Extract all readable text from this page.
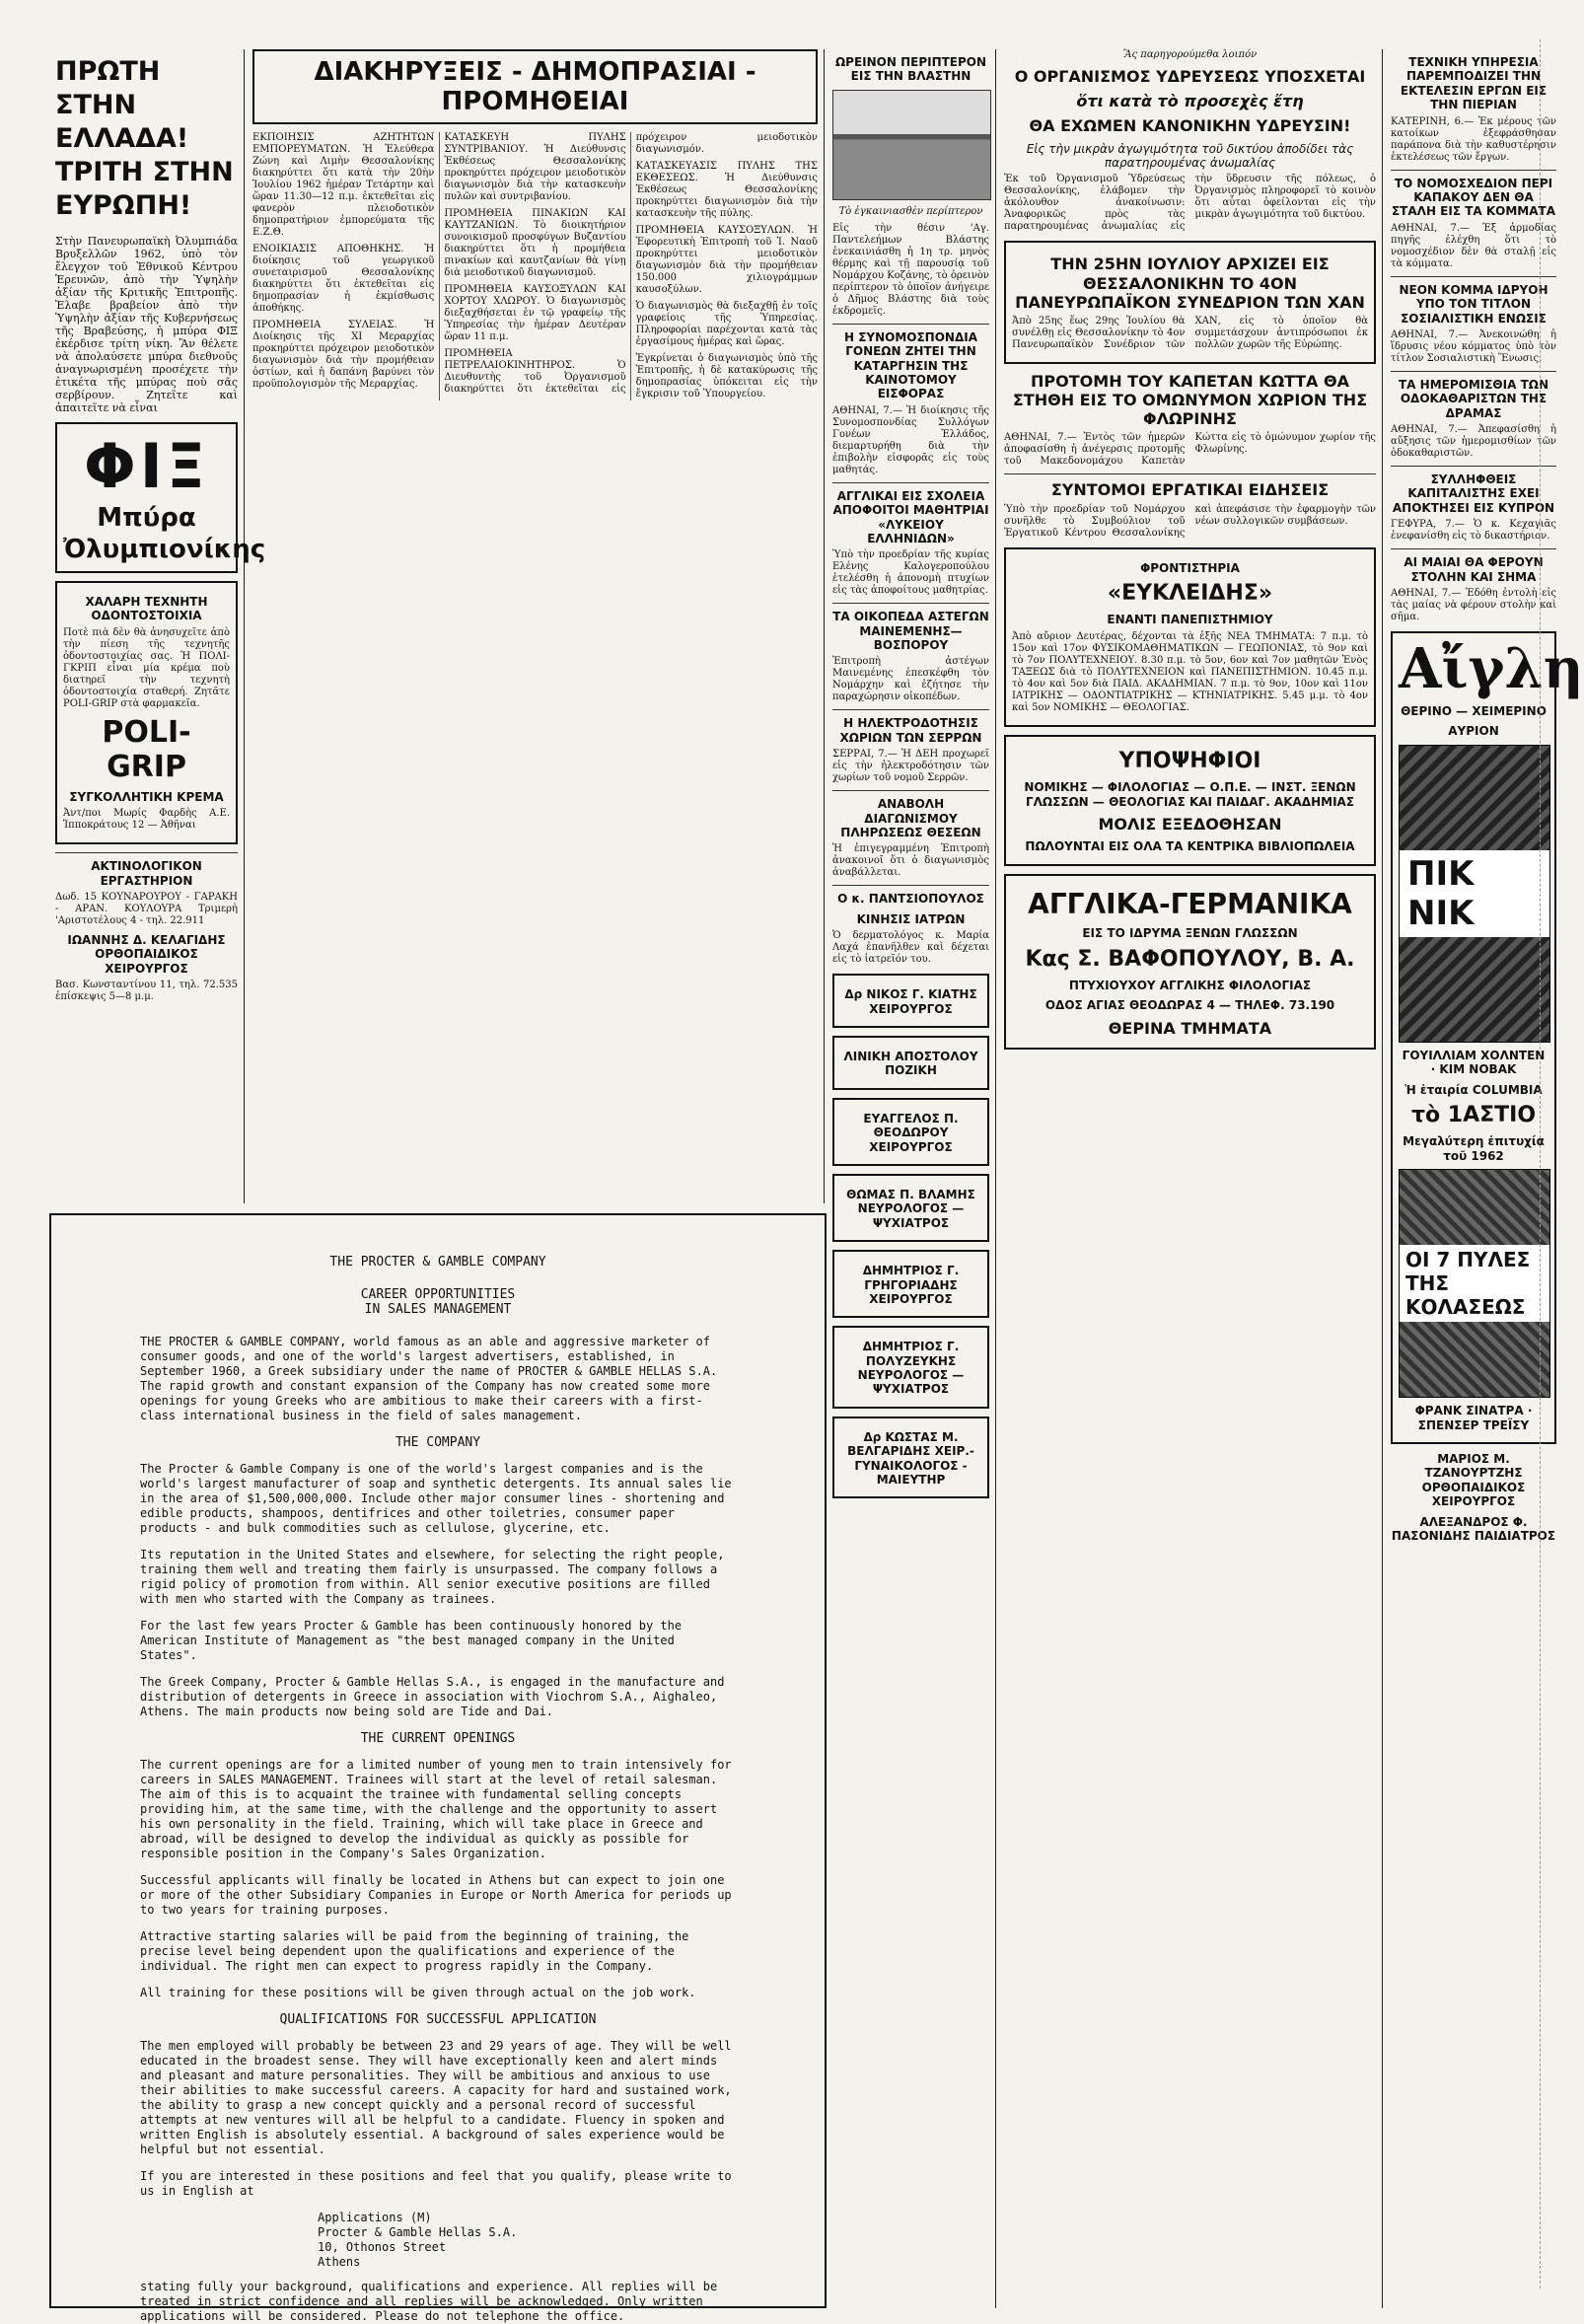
ΠΡΩΤΗ ΣΤΗΝ ΕΛΛΑΔΑ! ΤΡΙΤΗ ΣΤΗΝ ΕΥΡΩΠΗ!

Στὴν Πανευρωπαϊκὴ Ὀλυμπιάδα Βρυξελλῶν 1962, ὑπὸ τὸν ἔλεγχον τοῦ Ἐθνικοῦ Κέντρου Ἐρευνῶν, ἀπὸ τὴν Ὑψηλὴν ἀξίαν τῆς Κριτικῆς Ἐπιτροπῆς. Ἐλαβε βραβείον ἀπὸ τὴν Ὑψηλὴν ἀξίαν τῆς Κυβερνήσεως τῆς Βραβεύσης, ἡ μπύρα ΦΙΞ ἐκέρδισε τρίτη νίκη. Ἂν θέλετε νὰ ἀπολαύσετε μπύρα διεθνοῦς ἀναγνωρισμένη προσέχετε τὴν ἐτικέτα τῆς μπύρας ποὺ σᾶς σερβίρουν. Ζητεῖτε καὶ ἀπαιτεῖτε νὰ εἶναι

ΦΙΞ
Μπύρα Ὀλυμπιονίκης
ΧΑΛΑΡΗ ΤΕΧΝΗΤΗ ΟΔΟΝΤΟΣΤΟΙΧΙΑ

Ποτὲ πιὰ δὲν θὰ ἀνησυχεῖτε ἀπὸ τὴν πίεση τῆς τεχνητῆς ὀδοντοστοιχίας σας. Ἡ ΠΟΛΙ-ΓΚΡΙΠ εἶναι μία κρέμα ποὺ διατηρεῖ τὴν τεχνητὴ ὀδοντοστοιχία σταθερή. Ζητᾶτε POLI-GRIP στὰ φαρμακεῖα.

POLI-GRIP
ΣΥΓΚΟΛΛΗΤΙΚΗ ΚΡΕΜΑ

Ἀντ/ποι Μωρίς Φαρδὴς Α.Ε. Ἱπποκράτους 12 — Ἀθῆναι

ΑΚΤΙΝΟΛΟΓΙΚΟΝ ΕΡΓΑΣΤΗΡΙΟΝ

Δωδ. 15 ΚΟΥΝΑΡΟΥΡΟΥ - ΓΑΡΑΚΗ - ΑΡΑΝ. ΚΟΥΛΟΥΡΑ Τριμερὴ 'Αριστοτέλους 4 - τηλ. 22.911

ΙΩΑΝΝΗΣ Δ. ΚΕΛΑΓΙΔΗΣ ΟΡΘΟΠΑΙΔΙΚΟΣ ΧΕΙΡΟΥΡΓΟΣ

Βασ. Κωνσταντίνου 11, τηλ. 72.535 ἐπίσκεψις 5—8 μ.μ.

ΔΙΑΚΗΡΥΞΕΙΣ - ΔΗΜΟΠΡΑΣΙΑΙ - ΠΡΟΜΗΘΕΙΑΙ

ΕΚΠΟΙΗΣΙΣ ΑΖΗΤΗΤΩΝ ΕΜΠΟΡΕΥΜΑΤΩΝ. Ἡ Ἐλεύθερα Ζώνη καὶ Λιμὴν Θεσσαλονίκης διακηρύττει ὅτι κατὰ τὴν 20ὴν Ἰουλίου 1962 ἡμέραν Τετάρτην καὶ ὥραν 11.30—12 π.μ. ἐκτεθεῖται εἰς φανερὸν πλειοδοτικὸν δημοπρατήριον ἐμπορεύματα τῆς Ε.Ζ.Θ.

ΕΝΟΙΚΙΑΣΙΣ ΑΠΟΘΗΚΗΣ. Ἡ διοίκησις τοῦ γεωργικοῦ συνεταιρισμοῦ Θεσσαλονίκης διακηρύττει ὅτι ἐκτεθεῖται εἰς δημοπρασίαν ἡ ἐκμίσθωσις ἀποθήκης.

ΠΡΟΜΗΘΕΙΑ ΣΥΛΕΙΑΣ. Ἡ Διοίκησις τῆς ΧΙ Μεραρχίας προκηρύττει πρόχειρον μειοδοτικὸν διαγωνισμὸν διὰ τὴν προμήθειαν ὀστίων, καὶ ἡ δαπάνη βαρύνει τὸν προϋπολογισμὸν τῆς Μεραρχίας.

ΚΑΤΑΣΚΕΥΗ ΠΥΛΗΣ ΣΥΝΤΡΙΒΑΝΙΟΥ. Ἡ Διεύθυνσις Ἐκθέσεως Θεσσαλονίκης προκηρύττει πρόχειρον μειοδοτικὸν διαγωνισμὸν διὰ τὴν κατασκευὴν πυλῶν καὶ συντριβανίου.

ΠΡΟΜΗΘΕΙΑ ΠΙΝΑΚΙΩΝ ΚΑΙ ΚΑΥΤΖΑΝΙΩΝ. Τὸ διοικητήριον συνοικισμοῦ προσφύγων Βυζαντίου διακηρύττει ὅτι ἡ προμήθεια πινακίων καὶ καυτζανίων θὰ γίνῃ διὰ μειοδοτικοῦ διαγωνισμοῦ.

ΠΡΟΜΗΘΕΙΑ ΚΑΥΣΟΞΥΛΩΝ ΚΑΙ ΧΟΡΤΟΥ ΧΛΩΡΟΥ. Ὁ διαγωνισμὸς διεξαχθήσεται ἐν τῷ γραφείῳ τῆς Ὑπηρεσίας τὴν ἡμέραν Δευτέραν ὥραν 11 π.μ.

ΠΡΟΜΗΘΕΙΑ ΠΕΤΡΕΛΑΙΟΚΙΝΗΤΗΡΟΣ. Ὁ Διευθυντὴς τοῦ Ὀργανισμοῦ διακηρύττει ὅτι ἐκτεθεῖται εἰς πρόχειρον μειοδοτικὸν διαγωνισμόν.

ΚΑΤΑΣΚΕΥΑΣΙΣ ΠΥΛΗΣ ΤΗΣ ΕΚΘΕΣΕΩΣ. Ἡ Διεύθυνσις Ἐκθέσεως Θεσσαλονίκης προκηρύττει διαγωνισμὸν διὰ τὴν κατασκευὴν τῆς πύλης.

ΠΡΟΜΗΘΕΙΑ ΚΑΥΣΟΞΥΛΩΝ. Ἡ Ἐφορευτικὴ Ἐπιτροπὴ τοῦ Ἱ. Ναοῦ προκηρύττει μειοδοτικὸν διαγωνισμὸν διὰ τὴν προμήθειαν 150.000 χιλιογράμμων καυσοξύλων.

Ὁ διαγωνισμὸς θὰ διεξαχθῇ ἐν τοῖς γραφείοις τῆς Ὑπηρεσίας. Πληροφορίαι παρέχονται κατὰ τὰς ἐργασίμους ἡμέρας καὶ ὥρας.

Ἐγκρίνεται ὁ διαγωνισμὸς ὑπὸ τῆς Ἐπιτροπῆς, ἡ δὲ κατακύρωσις τῆς δημοπρασίας ὑπόκειται εἰς τὴν ἔγκρισιν τοῦ Ὑπουργείου.

THE PROCTER & GAMBLE COMPANY
CAREER OPPORTUNITIES
IN SALES MANAGEMENT

THE PROCTER & GAMBLE COMPANY, world famous as an able and aggressive marketer of consumer goods, and one of the world's largest advertisers, established, in September 1960, a Greek subsidiary under the name of PROCTER & GAMBLE HELLAS S.A. The rapid growth and constant expansion of the Company has now created some more openings for young Greeks who are ambitious to make their careers with a first-class international business in the field of sales management.

THE COMPANY

The Procter & Gamble Company is one of the world's largest companies and is the world's largest manufacturer of soap and synthetic detergents. Its annual sales lie in the area of $1,500,000,000. Include other major consumer lines - shortening and edible products, shampoos, dentifrices and other toiletries, consumer paper products - and bulk commodities such as cellulose, glycerine, etc.

Its reputation in the United States and elsewhere, for selecting the right people, training them well and treating them fairly is unsurpassed. The company follows a rigid policy of promotion from within. All senior executive positions are filled with men who started with the Company as trainees.

For the last few years Procter & Gamble has been continuously honored by the American Institute of Management as "the best managed company in the United States".

The Greek Company, Procter & Gamble Hellas S.A., is engaged in the manufacture and distribution of detergents in Greece in association with Viochrom S.A., Aighaleo, Athens. The main products now being sold are Tide and Dai.

THE CURRENT OPENINGS

The current openings are for a limited number of young men to train intensively for careers in SALES MANAGEMENT. Trainees will start at the level of retail salesman. The aim of this is to acquaint the trainee with fundamental selling concepts providing him, at the same time, with the challenge and the opportunity to assert his own personality in the field. Training, which will take place in Greece and abroad, will be designed to develop the individual as quickly as possible for responsible position in the Company's Sales Organization.

Successful applicants will finally be located in Athens but can expect to join one or more of the other Subsidiary Companies in Europe or North America for periods up to two years for training purposes.

Attractive starting salaries will be paid from the beginning of training, the precise level being dependent upon the qualifications and experience of the individual. The right men can expect to progress rapidly in the Company.

All training for these positions will be given through actual on the job work.

QUALIFICATIONS FOR SUCCESSFUL APPLICATION

The men employed will probably be between 23 and 29 years of age. They will be well educated in the broadest sense. They will have exceptionally keen and alert minds and pleasant and mature personalities. They will be ambitious and anxious to use their abilities to make successful careers. A capacity for hard and sustained work, the ability to grasp a new concept quickly and a personal record of successful attempts at new ventures will all be helpful to a candidate. Fluency in spoken and written English is absolutely essential. A background of sales experience would be helpful but not essential.

If you are interested in these positions and feel that you qualify, please write to us in English at

Applications (M)
Procter & Gamble Hellas S.A.
10, Othonos Street
Athens

stating fully your background, qualifications and experience. All replies will be treated in strict confidence and all replies will be acknowledged. Only written applications will be considered. Please do not telephone the office.

ΩΡΕΙΝΟΝ ΠΕΡΙΠΤΕΡΟΝ ΕΙΣ ΤΗΝ ΒΛΑΣΤΗΝ
Τὸ ἐγκαινιασθὲν περίπτερον

Εἰς τὴν θέσιν 'Αγ. Παντελεήμων Βλάστης ἐνεκαινιάσθη ἡ 1η τρ. μηνὸς θέρμης καὶ τῇ παρουσίᾳ τοῦ Νομάρχου Κοζάνης, τὸ ὀρεινὸν περίπτερον τὸ ὁποῖον ἀνήγειρε ὁ Δῆμος Βλάστης διὰ τοὺς ἐκδρομεῖς.

Η ΣΥΝΟΜΟΣΠΟΝΔΙΑ ΓΟΝΕΩΝ ΖΗΤΕΙ ΤΗΝ ΚΑΤΑΡΓΗΣΙΝ ΤΗΣ ΚΑΙΝΟΤΟΜΟΥ ΕΙΣΦΟΡΑΣ

ΑΘΗΝΑΙ, 7.— Ἡ διοίκησις τῆς Συνομοσπονδίας Συλλόγων Γονέων Ἑλλάδος, διεμαρτυρήθη διὰ τὴν ἐπιβολὴν εἰσφορᾶς εἰς τοὺς μαθητάς.

ΑΓΓΛΙΚΑΙ ΕΙΣ ΣΧΟΛΕΙΑ ΑΠΟΦΟΙΤΟΙ ΜΑΘΗΤΡΙΑΙ «ΛΥΚΕΙΟΥ ΕΛΛΗΝΙΔΩΝ»

Ὑπὸ τὴν προεδρίαν τῆς κυρίας Ελένης Καλογεροπούλου ἐτελέσθη ἡ ἀπονομὴ πτυχίων εἰς τὰς ἀποφοίτους μαθητρίας.

ΤΑ ΟΙΚΟΠΕΔΑ ΑΣΤΕΓΩΝ ΜΑΙΝΕΜΕΝΗΣ—ΒΟΣΠΟΡΟΥ

Ἐπιτροπὴ ἀστέγων Μαινεμένης ἐπεσκέφθη τὸν Νομάρχην καὶ ἐζήτησε τὴν παραχώρησιν οἰκοπέδων.

Η ΗΛΕΚΤΡΟΔΟΤΗΣΙΣ ΧΩΡΙΩΝ ΤΩΝ ΣΕΡΡΩΝ

ΣΕΡΡΑΙ, 7.— Ἡ ΔΕΗ προχωρεῖ εἰς τὴν ἠλεκτροδότησιν τῶν χωρίων τοῦ νομοῦ Σερρῶν.

ΑΝΑΒΟΛΗ ΔΙΑΓΩΝΙΣΜΟΥ ΠΛΗΡΩΣΕΩΣ ΘΕΣΕΩΝ

Ἡ ἐπιγεγραμμένη Ἐπιτροπὴ ἀνακοινοῖ ὅτι ὁ διαγωνισμὸς ἀναβάλλεται.

Ο κ. ΠΑΝΤΣΙΟΠΟΥΛΟΣ
ΚΙΝΗΣΙΣ ΙΑΤΡΩΝ

Ὁ δερματολόγος κ. Μαρία Λαχά ἐπανῆλθεν καὶ δέχεται εἰς τὸ ἰατρεῖόν του.

Δρ ΝΙΚΟΣ Γ. ΚΙΑΤΗΣ ΧΕΙΡΟΥΡΓΟΣ
ΛΙΝΙΚΗ ΑΠΟΣΤΟΛΟΥ ΠΟΖΙΚΗ
ΕΥΑΓΓΕΛΟΣ Π. ΘΕΟΔΩΡΟΥ ΧΕΙΡΟΥΡΓΟΣ
ΘΩΜΑΣ Π. ΒΛΑΜΗΣ ΝΕΥΡΟΛΟΓΟΣ — ΨΥΧΙΑΤΡΟΣ
ΔΗΜΗΤΡΙΟΣ Γ. ΓΡΗΓΟΡΙΑΔΗΣ ΧΕΙΡΟΥΡΓΟΣ
ΔΗΜΗΤΡΙΟΣ Γ. ΠΟΛΥΖΕΥΚΗΣ ΝΕΥΡΟΛΟΓΟΣ — ΨΥΧΙΑΤΡΟΣ
Δρ ΚΩΣΤΑΣ Μ. ΒΕΛΓΑΡΙΔΗΣ ΧΕΙΡ.-ΓΥΝΑΙΚΟΛΟΓΟΣ - ΜΑΙΕΥΤΗΡ
Ἃς παρηγορούμεθα λοιπόν
Ο ΟΡΓΑΝΙΣΜΟΣ ΥΔΡΕΥΣΕΩΣ ΥΠΟΣΧΕΤΑΙ
ὅτι κατὰ τὸ προσεχὲς ἔτη
ΘΑ ΕΧΩΜΕΝ ΚΑΝΟΝΙΚΗΝ ΥΔΡΕΥΣΙΝ!
Εἰς τὴν μικρὰν ἀγωγιμότητα τοῦ δικτύου ἀποδίδει τὰς παρατηρουμένας ἀνωμαλίας

Ἐκ τοῦ Ὀργανισμοῦ Ὑδρεύσεως Θεσσαλονίκης, ἐλάβομεν τὴν ἀκόλουθον ἀνακοίνωσιν: Ἀναφορικῶς πρὸς τὰς παρατηρουμένας ἀνωμαλίας εἰς τὴν ὕδρευσιν τῆς πόλεως, ὁ Ὀργανισμὸς πληροφορεῖ τὸ κοινὸν ὅτι αὗται ὀφείλονται εἰς τὴν μικρὰν ἀγωγιμότητα τοῦ δικτύου.

ΤΗΝ 25ΗΝ ΙΟΥΛΙΟΥ ΑΡΧΙΖΕΙ ΕΙΣ ΘΕΣΣΑΛΟΝΙΚΗΝ ΤΟ 4ΟΝ ΠΑΝΕΥΡΩΠΑΪΚΟΝ ΣΥΝΕΔΡΙΟΝ ΤΩΝ ΧΑΝ

Ἀπὸ 25ης ἕως 29ης Ἰουλίου θὰ συνέλθῃ εἰς Θεσσαλονίκην τὸ 4ον Πανευρωπαϊκὸν Συνέδριον τῶν ΧΑΝ, εἰς τὸ ὁποῖον θὰ συμμετάσχουν ἀντιπρόσωποι ἐκ πολλῶν χωρῶν τῆς Εὐρώπης.

ΠΡΟΤΟΜΗ ΤΟΥ ΚΑΠΕΤΑΝ ΚΩΤΤΑ ΘΑ ΣΤΗΘΗ ΕΙΣ ΤΟ ΟΜΩΝΥΜΟΝ ΧΩΡΙΟΝ ΤΗΣ ΦΛΩΡΙΝΗΣ

ΑΘΗΝΑΙ, 7.— Ἐντὸς τῶν ἡμερῶν ἀποφασίσθη ἡ ἀνέγερσις προτομῆς τοῦ Μακεδονομάχου Καπετὰν Κώττα εἰς τὸ ὁμώνυμον χωρίον τῆς Φλωρίνης.

ΣΥΝΤΟΜΟΙ ΕΡΓΑΤΙΚΑΙ ΕΙΔΗΣΕΙΣ

Ὑπὸ τὴν προεδρίαν τοῦ Νομάρχου συνῆλθε τὸ Συμβούλιον τοῦ Ἐργατικοῦ Κέντρου Θεσσαλονίκης καὶ ἀπεφάσισε τὴν ἐφαρμογὴν τῶν νέων συλλογικῶν συμβάσεων.

ΦΡΟΝΤΙΣΤΗΡΙΑ
«ΕΥΚΛΕΙΔΗΣ»
ΕΝΑΝΤΙ ΠΑΝΕΠΙΣΤΗΜΙΟΥ

Ἀπὸ αὔριον Δευτέρας, δέχονται τὰ ἑξῆς ΝΕΑ ΤΜΗΜΑΤΑ: 7 π.μ. τὸ 15ον καὶ 17ον ΦΥΣΙΚΟΜΑΘΗΜΑΤΙΚΩΝ — ΓΕΩΠΟΝΙΑΣ, τὸ 9ον καὶ τὸ 7ον ΠΟΛΥΤΕΧΝΕΙΟΥ. 8.30 π.μ. τὸ 5ον, 6ον καὶ 7ον μαθητῶν Ἐνὸς ΤΑΞΕΩΣ διὰ τὸ ΠΟΛΥΤΕΧΝΕΙΟΝ καὶ ΠΑΝΕΠΙΣΤΗΜΙΟΝ. 10.45 π.μ. τὸ 4ον καὶ 5ον διὰ ΠΑΙΔ. ΑΚΑΔΗΜΙΑΝ. 7 π.μ. τὸ 9ον, 10ον καὶ 11ον ΙΑΤΡΙΚΗΣ — ΟΔΟΝΤΙΑΤΡΙΚΗΣ — ΚΤΗΝΙΑΤΡΙΚΗΣ. 5.45 μ.μ. τὸ 4ον καὶ 5ον ΝΟΜΙΚΗΣ — ΘΕΟΛΟΓΙΑΣ.

ΥΠΟΨΗΦΙΟΙ
ΝΟΜΙΚΗΣ — ΦΙΛΟΛΟΓΙΑΣ — Ο.Π.Ε. — ΙΝΣΤ. ΞΕΝΩΝ ΓΛΩΣΣΩΝ — ΘΕΟΛΟΓΙΑΣ ΚΑΙ ΠΑΙΔΑΓ. ΑΚΑΔΗΜΙΑΣ
ΜΟΛΙΣ ΕΞΕΔΟΘΗΣΑΝ
ΠΩΛΟΥΝΤΑΙ ΕΙΣ ΟΛΑ ΤΑ ΚΕΝΤΡΙΚΑ ΒΙΒΛΙΟΠΩΛΕΙΑ
ΑΓΓΛΙΚΑ-ΓΕΡΜΑΝΙΚΑ
ΕΙΣ ΤΟ ΙΔΡΥΜΑ ΞΕΝΩΝ ΓΛΩΣΣΩΝ
Κας Σ. ΒΑΦΟΠΟΥΛΟΥ, Β. Α.
ΠΤΥΧΙΟΥΧΟΥ ΑΓΓΛΙΚΗΣ ΦΙΛΟΛΟΓΙΑΣ
ΟΔΟΣ ΑΓΙΑΣ ΘΕΟΔΩΡΑΣ 4 — ΤΗΛΕΦ. 73.190
ΘΕΡΙΝΑ ΤΜΗΜΑΤΑ
ΤΕΧΝΙΚΗ ΥΠΗΡΕΣΙΑ ΠΑΡΕΜΠΟΔΙΖΕΙ ΤΗΝ ΕΚΤΕΛΕΣΙΝ ΕΡΓΩΝ ΕΙΣ ΤΗΝ ΠΙΕΡΙΑΝ

ΚΑΤΕΡΙΝΗ, 6.— Ἐκ μέρους τῶν κατοίκων ἐξεφράσθησαν παράπονα διὰ τὴν καθυστέρησιν ἐκτελέσεως τῶν ἔργων.

ΤΟ ΝΟΜΟΣΧΕΔΙΟΝ ΠΕΡΙ ΚΑΠΑΚΟΥ ΔΕΝ ΘΑ ΣΤΑΛΗ ΕΙΣ ΤΑ ΚΟΜΜΑΤΑ

ΑΘΗΝΑΙ, 7.— Ἐξ ἁρμοδίας πηγῆς ἐλέχθη ὅτι τὸ νομοσχέδιον δὲν θὰ σταλῇ εἰς τὰ κόμματα.

ΝΕΟΝ ΚΟΜΜΑ ΙΔΡΥΟΗ ΥΠΟ ΤΟΝ ΤΙΤΛΟΝ ΣΟΣΙΑΛΙΣΤΙΚΗ ΕΝΩΣΙΣ

ΑΘΗΝΑΙ, 7.— Ἀνεκοινώθη ἡ ἵδρυσις νέου κόμματος ὑπὸ τὸν τίτλον Σοσιαλιστικὴ Ἕνωσις.

ΤΑ ΗΜΕΡΟΜΙΣΘΙΑ ΤΩΝ ΟΔΟΚΑΘΑΡΙΣΤΩΝ ΤΗΣ ΔΡΑΜΑΣ

ΑΘΗΝΑΙ, 7.— Ἀπεφασίσθη ἡ αὔξησις τῶν ἡμερομισθίων τῶν ὁδοκαθαριστῶν.

ΣΥΛΛΗΦΘΕΙΣ ΚΑΠΙΤΑΛΙΣΤΗΣ ΕΧΕΙ ΑΠΟΚΤΗΣΕΙ ΕΙΣ ΚΥΠΡΟΝ

ΓΕΦΥΡΑ, 7.— Ὁ κ. Κεχαγιᾶς ἐνεφανίσθη εἰς τὸ δικαστήριον.

ΑΙ ΜΑΙΑΙ ΘΑ ΦΕΡΟΥΝ ΣΤΟΛΗΝ ΚΑΙ ΣΗΜΑ

ΑΘΗΝΑΙ, 7.— Ἐδόθη ἐντολὴ εἰς τὰς μαίας νὰ φέρουν στολὴν καὶ σῆμα.

Αἴγλη
ΘΕΡΙΝΟ — ΧΕΙΜΕΡΙΝΟ
ΑΥΡΙΟΝ
ΠΙΚ ΝΙΚ
ΓΟΥΙΛΛΙΑΜ ΧΟΛΝΤΕΝ · ΚΙΜ ΝΟΒΑΚ
Ἡ ἑταιρία COLUMBIA
τὸ 1ΑΣΤΙΟ
Μεγαλύτερη ἐπιτυχία τοῦ 1962
ΟΙ 7 ΠΥΛΕΣ ΤΗΣ ΚΟΛΑΣΕΩΣ
ΦΡΑΝΚ ΣΙΝΑΤΡΑ · ΣΠΕΝΣΕΡ ΤΡΕΪΣΥ
ΜΑΡΙΟΣ Μ. ΤΖΑΝΟΥΡΤΖΗΣ ΟΡΘΟΠΑΙΔΙΚΟΣ ΧΕΙΡΟΥΡΓΟΣ
ΑΛΕΞΑΝΔΡΟΣ Φ. ΠΑΣΟΝΙΔΗΣ ΠΑΙΔΙΑΤΡΟΣ
